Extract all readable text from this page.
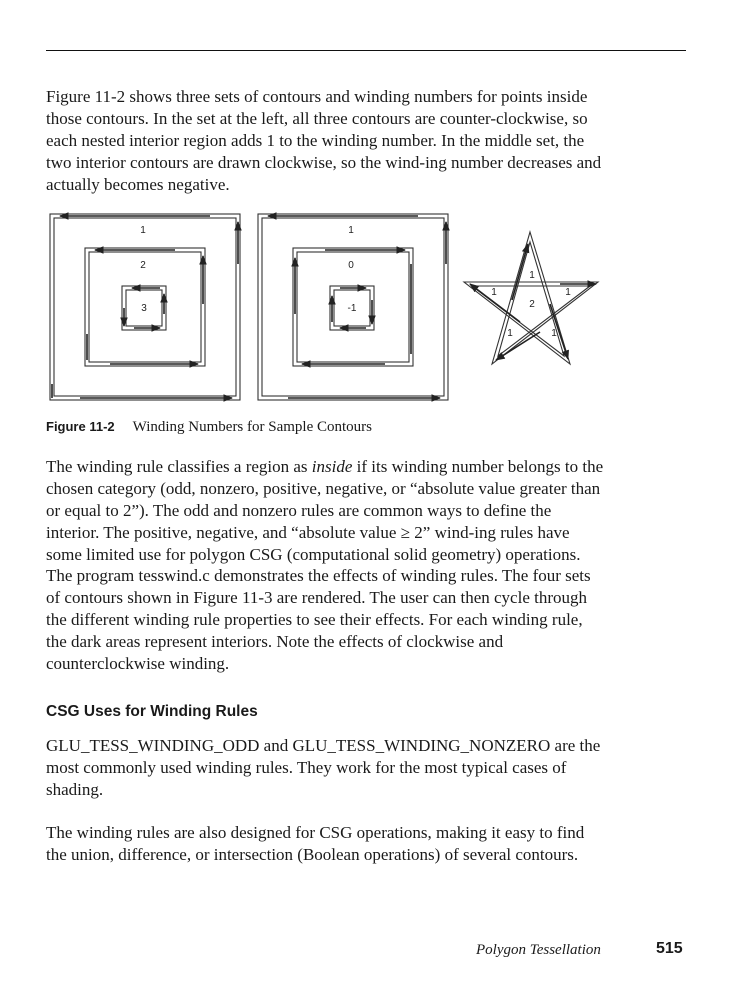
Figure 11-2 shows three sets of contours and winding numbers for points inside those contours. In the set at the left, all three contours are counter-clockwise, so each nested interior region adds 1 to the winding number. In the middle set, the two interior contours are drawn clockwise, so the wind-ing number decreases and actually becomes negative.

1
2
3
1
0
-1
1
1
2
1
1	1

Figure 11-2 Winding Numbers for Sample Contours

The winding rule classifies a region as inside if its winding number belongs to the chosen category (odd, nonzero, positive, negative, or “absolute value greater than or equal to 2”). The odd and nonzero rules are common ways to define the interior. The positive, negative, and “absolute value ≥ 2” wind-ing rules have some limited use for polygon CSG (computational solid geometry) operations.

The program tesswind.c demonstrates the effects of winding rules. The four sets of contours shown in Figure 11-3 are rendered. The user can then cycle through the different winding rule properties to see their effects. For each winding rule, the dark areas represent interiors. Note the effects of clockwise and counterclockwise winding.

CSG Uses for Winding Rules

GLU_TESS_WINDING_ODD and GLU_TESS_WINDING_NONZERO are the most commonly used winding rules. They work for the most typical cases of shading.

The winding rules are also designed for CSG operations, making it easy to find the union, difference, or intersection (Boolean operations) of several contours.

Polygon Tessellation	515
